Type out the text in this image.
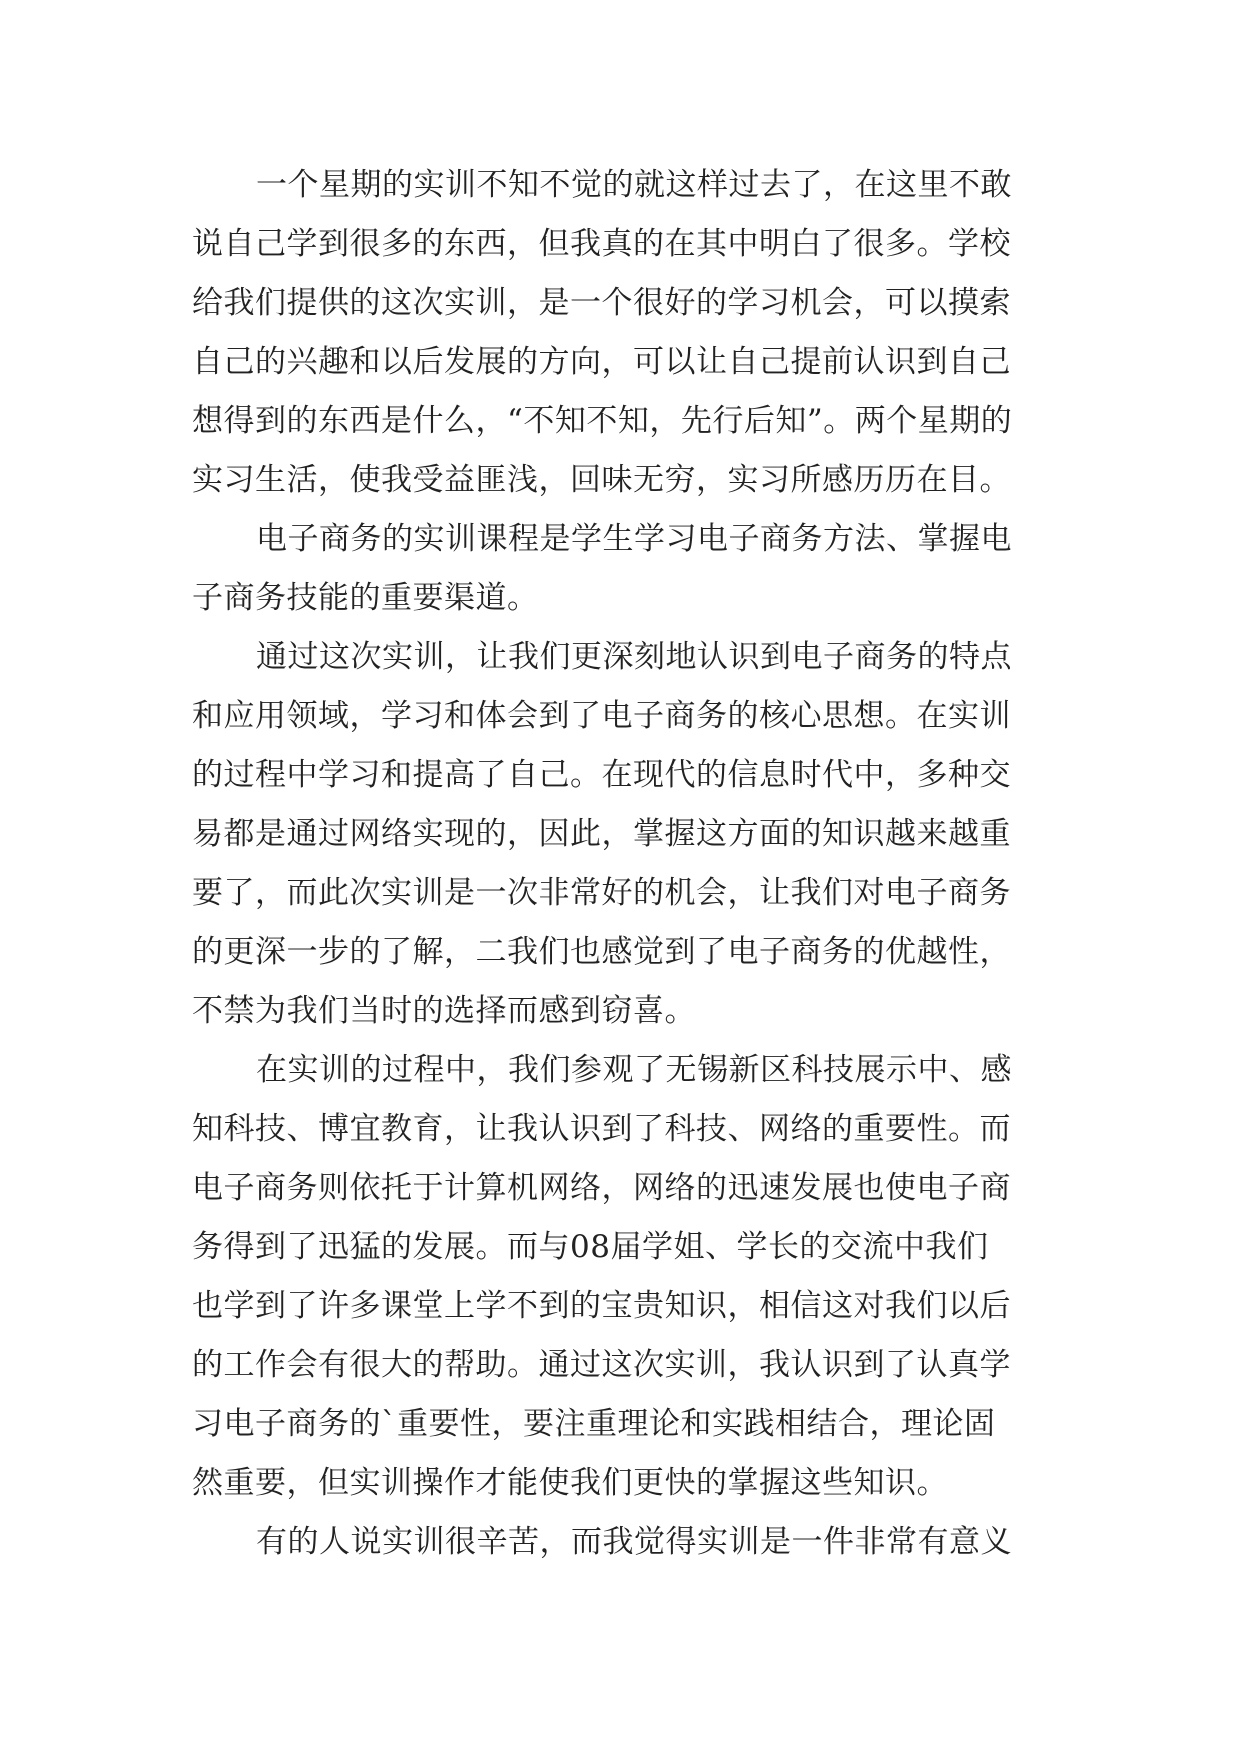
一个星期的实训不知不觉的就这样过去了，在这里不敢
说自己学到很多的东西，但我真的在其中明白了很多。学校
给我们提供的这次实训，是一个很好的学习机会，可以摸索
自己的兴趣和以后发展的方向，可以让自己提前认识到自己
想得到的东西是什么，“不知不知，先行后知”。两个星期的
实习生活，使我受益匪浅，回味无穷，实习所感历历在目。
电子商务的实训课程是学生学习电子商务方法、掌握电
子商务技能的重要渠道。
通过这次实训，让我们更深刻地认识到电子商务的特点
和应用领域，学习和体会到了电子商务的核心思想。在实训
的过程中学习和提高了自己。在现代的信息时代中，多种交
易都是通过网络实现的，因此，掌握这方面的知识越来越重
要了，而此次实训是一次非常好的机会，让我们对电子商务
的更深一步的了解，二我们也感觉到了电子商务的优越性，
不禁为我们当时的选择而感到窃喜。
在实训的过程中，我们参观了无锡新区科技展示中、感
知科技、博宜教育，让我认识到了科技、网络的重要性。而
电子商务则依托于计算机网络，网络的迅速发展也使电子商
务得到了迅猛的发展。而与08届学姐、学长的交流中我们
也学到了许多课堂上学不到的宝贵知识，相信这对我们以后
的工作会有很大的帮助。通过这次实训，我认识到了认真学
习电子商务的`重要性，要注重理论和实践相结合，理论固
然重要，但实训操作才能使我们更快的掌握这些知识。
有的人说实训很辛苦，而我觉得实训是一件非常有意义
